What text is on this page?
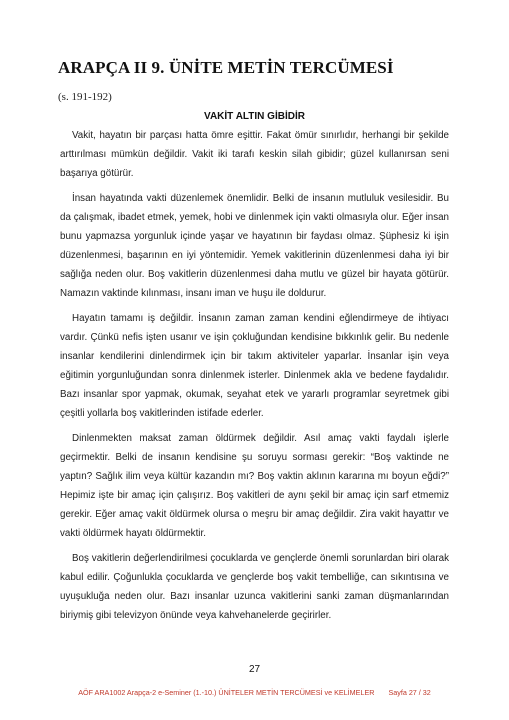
ARAPÇA II 9. ÜNİTE METİN TERCÜMESİ
(s. 191-192)
VAKİT ALTIN GİBİDİR

Vakit, hayatın bir parçası hatta ömre eşittir. Fakat ömür sınırlıdır, herhangi bir şekilde arttırılması mümkün değildir. Vakit iki tarafı keskin silah gibidir; güzel kullanırsan seni başarıya götürür.

İnsan hayatında vakti düzenlemek önemlidir. Belki de insanın mutluluk vesilesidir. Bu da çalışmak, ibadet etmek, yemek, hobi ve dinlenmek için vakti olmasıyla olur. Eğer insan bunu yapmazsa yorgunluk içinde yaşar ve hayatının bir faydası olmaz. Şüphesiz ki işin düzenlenmesi, başarının en iyi yöntemidir. Yemek vakitlerinin düzenlenmesi daha iyi bir sağlığa neden olur. Boş vakitlerin düzenlenmesi daha mutlu ve güzel bir hayata götürür. Namazın vaktinde kılınması, insanı iman ve huşu ile doldurur.

Hayatın tamamı iş değildir. İnsanın zaman zaman kendini eğlendirmeye de ihtiyacı vardır. Çünkü nefis işten usanır ve işin çokluğundan kendisine bıkkınlık gelir. Bu nedenle insanlar kendilerini dinlendirmek için bir takım aktiviteler yaparlar. İnsanlar işin veya eğitimin yorgunluğundan sonra dinlenmek isterler. Dinlenmek akla ve bedene faydalıdır. Bazı insanlar spor yapmak, okumak, seyahat etek ve yararlı programlar seyretmek gibi çeşitli yollarla boş vakitlerinden istifade ederler.

Dinlenmekten maksat zaman öldürmek değildir. Asıl amaç vakti faydalı işlerle geçirmektir. Belki de insanın kendisine şu soruyu sorması gerekir: “Boş vaktinde ne yaptın? Sağlık ilim veya kültür kazandın mı? Boş vaktin aklının kararına mı boyun eğdi?” Hepimiz işte bir amaç için çalışırız. Boş vakitleri de aynı şekil bir amaç için sarf etmemiz gerekir. Eğer amaç vakit öldürmek olursa o meşru bir amaç değildir. Zira vakit hayattır ve vakti öldürmek hayatı öldürmektir.

Boş vakitlerin değerlendirilmesi çocuklarda ve gençlerde önemli sorunlardan biri olarak kabul edilir. Çoğunlukla çocuklarda ve gençlerde boş vakit tembelliğe, can sıkıntısına ve uyuşukluğa neden olur. Bazı insanlar uzunca vakitlerini sanki zaman düşmanlarından biriymiş gibi televizyon önünde veya kahvehanelerde geçirirler.

27
AÖF ARA1002 Arapça-2 e-Seminer (1.-10.) ÜNİTELER METİN TERCÜMESİ ve KELİMELER Sayfa 27 / 32
